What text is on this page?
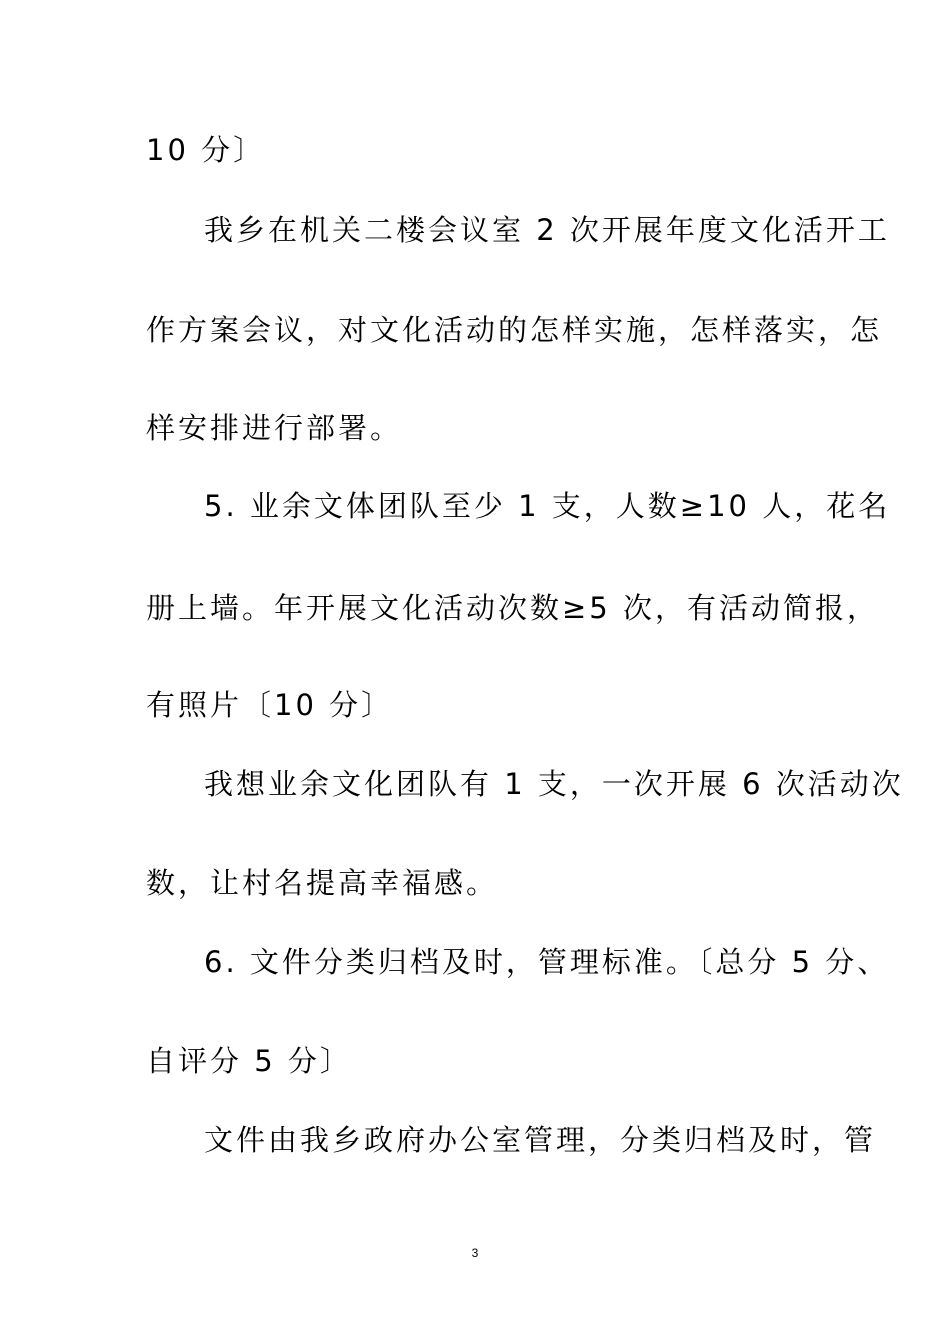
10 分〕
我乡在机关二楼会议室 2 次开展年度文化活开工
作方案会议，对文化活动的怎样实施，怎样落实，怎
样安排进行部署。
5. 业余文体团队至少 1 支，人数≥10 人，花名
册上墙。年开展文化活动次数≥5 次，有活动简报，
有照片〔10 分〕
我想业余文化团队有 1 支，一次开展 6 次活动次
数，让村名提高幸福感。
6. 文件分类归档及时，管理标准。〔总分 5 分、
自评分 5 分〕
文件由我乡政府办公室管理，分类归档及时，管
3
